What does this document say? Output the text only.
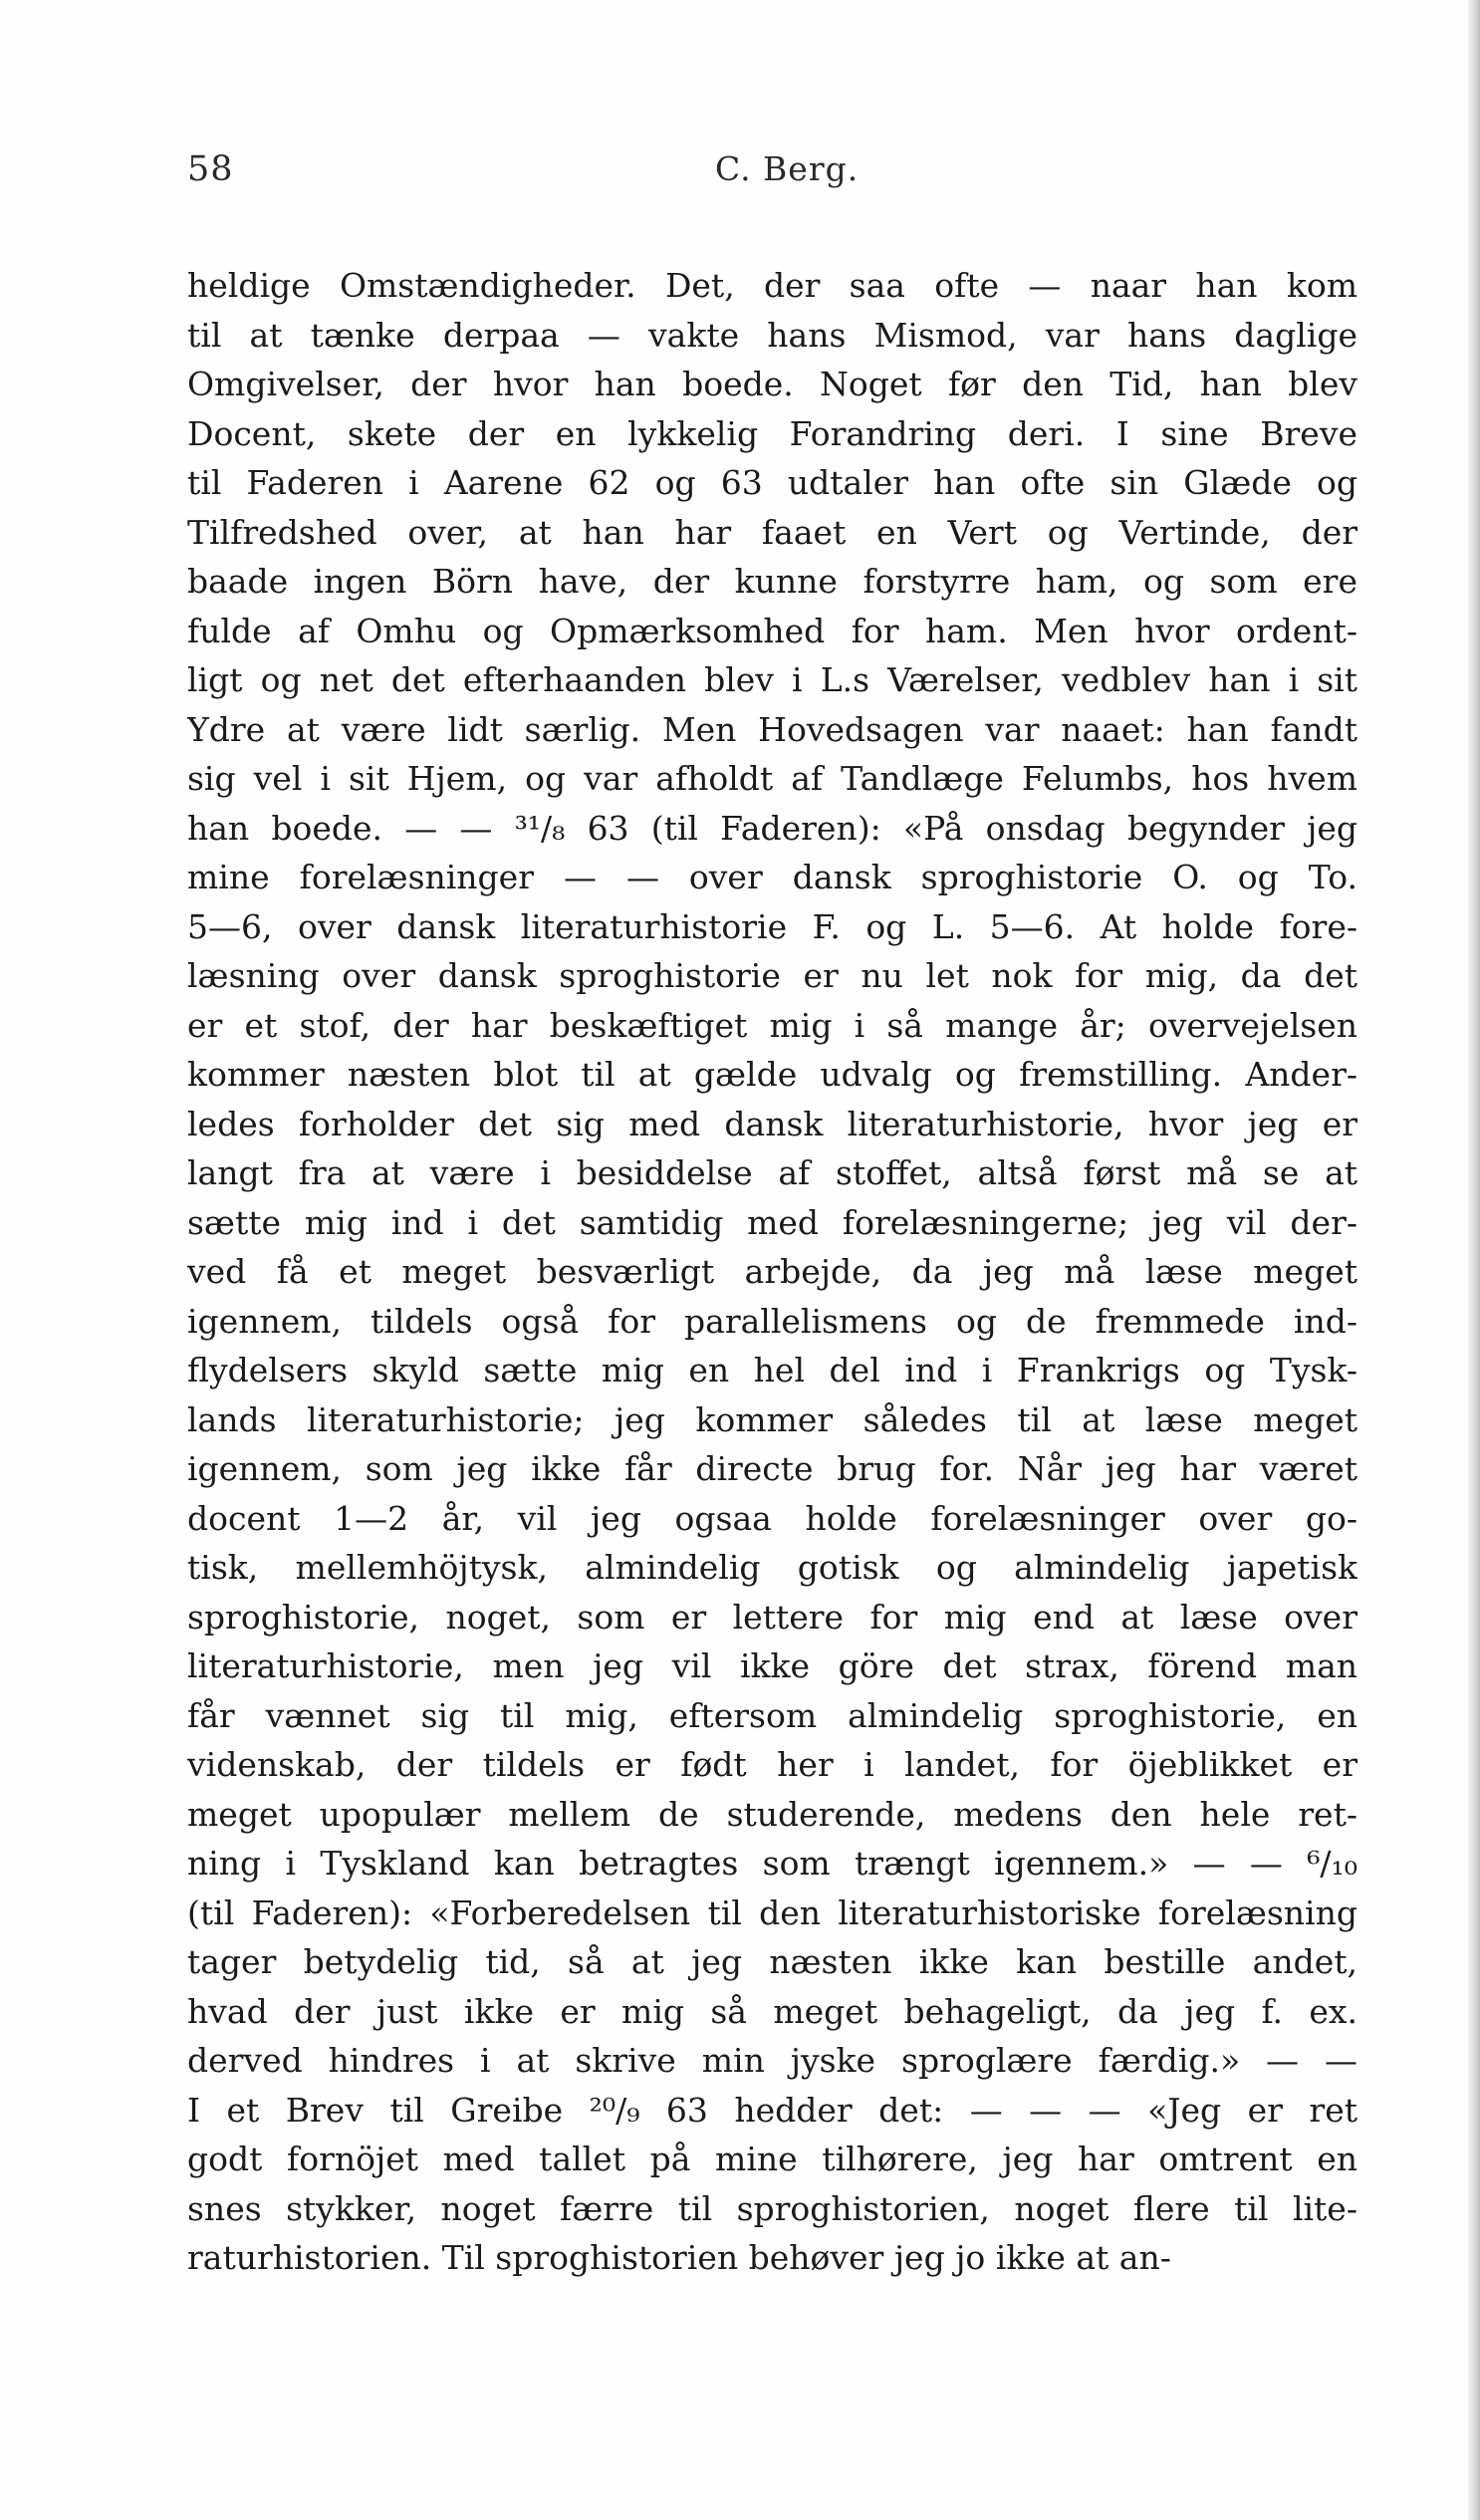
58	C. Berg.
heldige Omstændigheder. Det, der saa ofte — naar han kom
til at tænke derpaa — vakte hans Mismod, var hans daglige
Omgivelser, der hvor han boede. Noget før den Tid, han blev
Docent, skete der en lykkelig Forandring deri. I sine Breve
til Faderen i Aarene 62 og 63 udtaler han ofte sin Glæde og
Tilfredshed over, at han har faaet en Vert og Vertinde, der
baade ingen Börn have, der kunne forstyrre ham, og som ere
fulde af Omhu og Opmærksomhed for ham. Men hvor ordent-
ligt og net det efterhaanden blev i L.s Værelser, vedblev han i sit
Ydre at være lidt særlig. Men Hovedsagen var naaet: han fandt
sig vel i sit Hjem, og var afholdt af Tandlæge Felumbs, hos hvem
han boede. — — ³¹/₈ 63 (til Faderen): «På onsdag begynder jeg
mine forelæsninger — — over dansk sproghistorie O. og To.
5—6, over dansk literaturhistorie F. og L. 5—6. At holde fore-
læsning over dansk sproghistorie er nu let nok for mig, da det
er et stof, der har beskæftiget mig i så mange år; overvejelsen
kommer næsten blot til at gælde udvalg og fremstilling. Ander-
ledes forholder det sig med dansk literaturhistorie, hvor jeg er
langt fra at være i besiddelse af stoffet, altså først må se at
sætte mig ind i det samtidig med forelæsningerne; jeg vil der-
ved få et meget besværligt arbejde, da jeg må læse meget
igennem, tildels også for parallelismens og de fremmede ind-
flydelsers skyld sætte mig en hel del ind i Frankrigs og Tysk-
lands literaturhistorie; jeg kommer således til at læse meget
igennem, som jeg ikke får directe brug for. Når jeg har været
docent 1—2 år, vil jeg ogsaa holde forelæsninger over go-
tisk, mellemhöjtysk, almindelig gotisk og almindelig japetisk
sproghistorie, noget, som er lettere for mig end at læse over
literaturhistorie, men jeg vil ikke göre det strax, förend man
får vænnet sig til mig, eftersom almindelig sproghistorie, en
videnskab, der tildels er født her i landet, for öjeblikket er
meget upopulær mellem de studerende, medens den hele ret-
ning i Tyskland kan betragtes som trængt igennem.» — — ⁶/₁₀
(til Faderen): «Forberedelsen til den literaturhistoriske forelæsning
tager betydelig tid, så at jeg næsten ikke kan bestille andet,
hvad der just ikke er mig så meget behageligt, da jeg f. ex.
derved hindres i at skrive min jyske sproglære færdig.» — —
I et Brev til Greibe ²⁰/₉ 63 hedder det: — — — «Jeg er ret
godt fornöjet med tallet på mine tilhørere, jeg har omtrent en
snes stykker, noget færre til sproghistorien, noget flere til lite-
raturhistorien. Til sproghistorien behøver jeg jo ikke at an-
